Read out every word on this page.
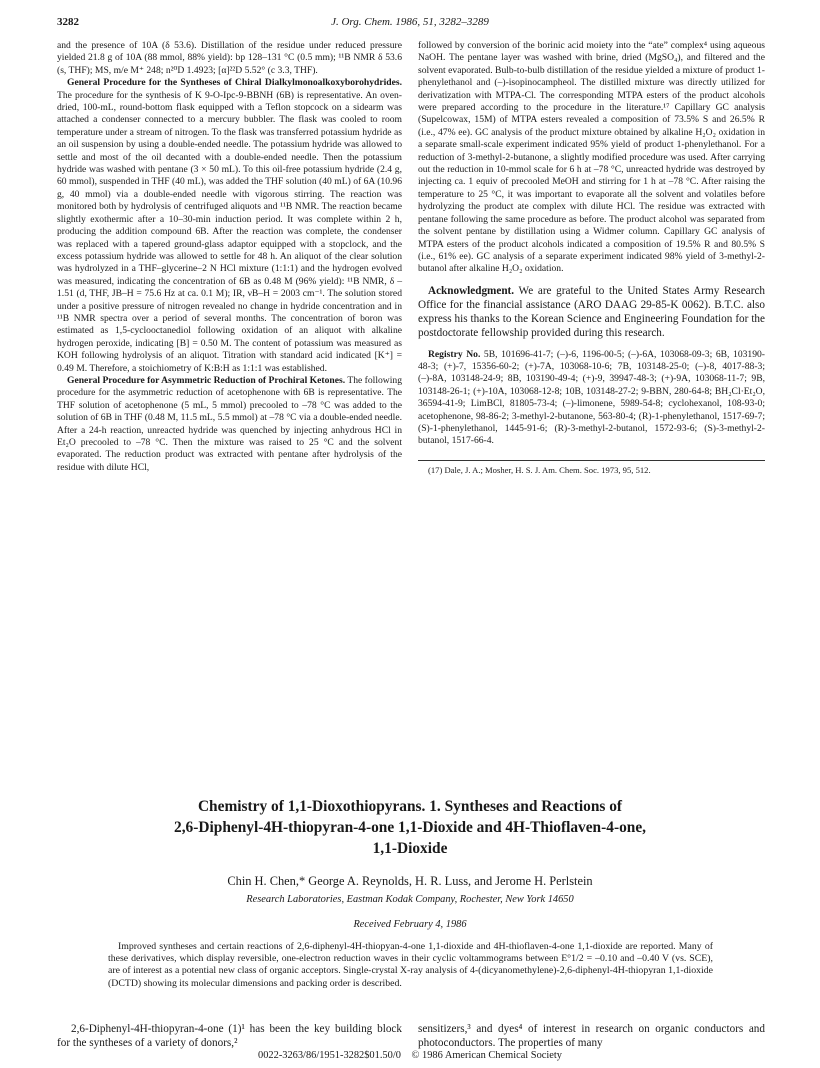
3282	J. Org. Chem. 1986, 51, 3282–3289

and the presence of 10A (δ 53.6). Distillation of the residue under reduced pressure yielded 21.8 g of 10A (88 mmol, 88% yield): bp 128–131 °C (0.5 mm); ¹¹B NMR δ 53.6 (s, THF); MS, m/e M⁺ 248; n²⁰D 1.4923; [α]²²D 5.52° (c 3.3, THF).

General Procedure for the Syntheses of Chiral Dialkylmonoalkoxyborohydrides. The procedure for the synthesis of K 9-O-Ipc-9-BBNH (6B) is representative. An oven-dried, 100-mL, round-bottom flask equipped with a Teflon stopcock on a sidearm was attached a condenser connected to a mercury bubbler. The flask was cooled to room temperature under a stream of nitrogen. To the flask was transferred potassium hydride as an oil suspension by using a double-ended needle. The potassium hydride was allowed to settle and most of the oil decanted with a double-ended needle. Then the potassium hydride was washed with pentane (3 × 50 mL). To this oil-free potassium hydride (2.4 g, 60 mmol), suspended in THF (40 mL), was added the THF solution (40 mL) of 6A (10.96 g, 40 mmol) via a double-ended needle with vigorous stirring. The reaction was monitored both by hydrolysis of centrifuged aliquots and ¹¹B NMR. The reaction became slightly exothermic after a 10–30-min induction period. It was complete within 2 h, producing the addition compound 6B. After the reaction was complete, the condenser was replaced with a tapered ground-glass adaptor equipped with a stopclock, and the excess potassium hydride was allowed to settle for 48 h. An aliquot of the clear solution was hydrolyzed in a THF–glycerine–2 N HCl mixture (1:1:1) and the hydrogen evolved was measured, indicating the concentration of 6B as 0.48 M (96% yield): ¹¹B NMR, δ –1.51 (d, THF, JB–H = 75.6 Hz at ca. 0.1 M); IR, νB–H = 2003 cm⁻¹. The solution stored under a positive pressure of nitrogen revealed no change in hydride concentration and in ¹¹B NMR spectra over a period of several months. The concentration of boron was estimated as 1,5-cyclooctanediol following oxidation of an aliquot with alkaline hydrogen peroxide, indicating [B] = 0.50 M. The content of potassium was measured as KOH following hydrolysis of an aliquot. Titration with standard acid indicated [K⁺] = 0.49 M. Therefore, a stoichiometry of K:B:H as 1:1:1 was established.

General Procedure for Asymmetric Reduction of Prochiral Ketones. The following procedure for the asymmetric reduction of acetophenone with 6B is representative. The THF solution of acetophenone (5 mL, 5 mmol) precooled to –78 °C was added to the solution of 6B in THF (0.48 M, 11.5 mL, 5.5 mmol) at –78 °C via a double-ended needle. After a 24-h reaction, unreacted hydride was quenched by injecting anhydrous HCl in Et₂O precooled to –78 °C. Then the mixture was raised to 25 °C and the solvent evaporated. The reduction product was extracted with pentane after hydrolysis of the residue with dilute HCl,

followed by conversion of the borinic acid moiety into the “ate” complex⁴ using aqueous NaOH. The pentane layer was washed with brine, dried (MgSO₄), and filtered and the solvent evaporated. Bulb-to-bulb distillation of the residue yielded a mixture of product 1-phenylethanol and (–)-isopinocampheol. The distilled mixture was directly utilized for derivatization with MTPA-Cl. The corresponding MTPA esters of the product alcohols were prepared according to the procedure in the literature.¹⁷ Capillary GC analysis (Supelcowax, 15M) of MTPA esters revealed a composition of 73.5% S and 26.5% R (i.e., 47% ee). GC analysis of the product mixture obtained by alkaline H₂O₂ oxidation in a separate small-scale experiment indicated 95% yield of product 1-phenylethanol. For a reduction of 3-methyl-2-butanone, a slightly modified procedure was used. After carrying out the reduction in 10-mmol scale for 6 h at –78 °C, unreacted hydride was destroyed by injecting ca. 1 equiv of precooled MeOH and stirring for 1 h at –78 °C. After raising the temperature to 25 °C, it was important to evaporate all the solvent and volatiles before hydrolyzing the product ate complex with dilute HCl. The residue was extracted with pentane following the same procedure as before. The product alcohol was separated from the solvent pentane by distillation using a Widmer column. Capillary GC analysis of MTPA esters of the product alcohols indicated a composition of 19.5% R and 80.5% S (i.e., 61% ee). GC analysis of a separate experiment indicated 98% yield of 3-methyl-2-butanol after alkaline H₂O₂ oxidation.

Acknowledgment. We are grateful to the United States Army Research Office for the financial assistance (ARO DAAG 29-85-K 0062). B.T.C. also express his thanks to the Korean Science and Engineering Foundation for the postdoctorate fellowship provided during this research.

Registry No. 5B, 101696-41-7; (–)-6, 1196-00-5; (–)-6A, 103068-09-3; 6B, 103190-48-3; (+)-7, 15356-60-2; (+)-7A, 103068-10-6; 7B, 103148-25-0; (–)-8, 4017-88-3; (–)-8A, 103148-24-9; 8B, 103190-49-4; (+)-9, 39947-48-3; (+)-9A, 103068-11-7; 9B, 103148-26-1; (+)-10A, 103068-12-8; 10B, 103148-27-2; 9-BBN, 280-64-8; BH₂Cl·Et₂O, 36594-41-9; LimBCl, 81805-73-4; (–)-limonene, 5989-54-8; cyclohexanol, 108-93-0; acetophenone, 98-86-2; 3-methyl-2-butanone, 563-80-4; (R)-1-phenylethanol, 1517-69-7; (S)-1-phenylethanol, 1445-91-6; (R)-3-methyl-2-butanol, 1572-93-6; (S)-3-methyl-2-butanol, 1517-66-4.

(17) Dale, J. A.; Mosher, H. S. J. Am. Chem. Soc. 1973, 95, 512.

Chemistry of 1,1-Dioxothiopyrans. 1. Syntheses and Reactions of
2,6-Diphenyl-4H-thiopyran-4-one 1,1-Dioxide and 4H-Thioflaven-4-one,
1,1-Dioxide

Chin H. Chen,* George A. Reynolds, H. R. Luss, and Jerome H. Perlstein

Research Laboratories, Eastman Kodak Company, Rochester, New York 14650

Received February 4, 1986

Improved syntheses and certain reactions of 2,6-diphenyl-4H-thiopyan-4-one 1,1-dioxide and 4H-thioflaven-4-one 1,1-dioxide are reported. Many of these derivatives, which display reversible, one-electron reduction waves in their cyclic voltammograms between E°1/2 = –0.10 and –0.40 V (vs. SCE), are of interest as a potential new class of organic acceptors. Single-crystal X-ray analysis of 4-(dicyanomethylene)-2,6-diphenyl-4H-thiopyran 1,1-dioxide (DCTD) showing its molecular dimensions and packing order is described.

2,6-Diphenyl-4H-thiopyran-4-one (1)¹ has been the key building block for the syntheses of a variety of donors,²

sensitizers,³ and dyes⁴ of interest in research on organic conductors and photoconductors. The properties of many

0022-3263/86/1951-3282$01.50/0 © 1986 American Chemical Society
